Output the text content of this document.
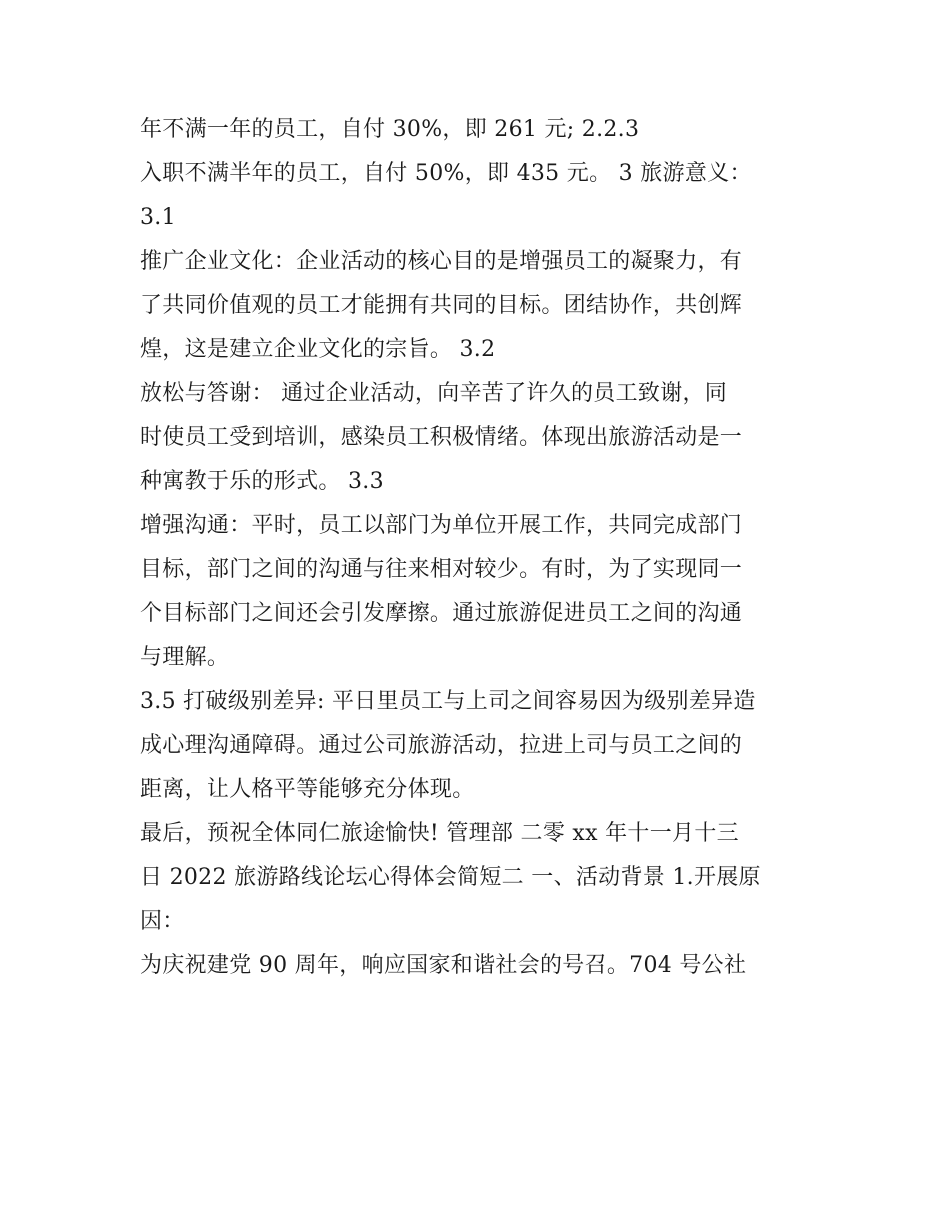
年不满一年的员工，自付 30%，即 261 元; 2.2.3
入职不满半年的员工，自付 50%，即 435 元。 3 旅游意义：
3.1
推广企业文化：企业活动的核心目的是增强员工的凝聚力，有
了共同价值观的员工才能拥有共同的目标。团结协作，共创辉
煌，这是建立企业文化的宗旨。 3.2
放松与答谢： 通过企业活动，向辛苦了许久的员工致谢，同
时使员工受到培训，感染员工积极情绪。体现出旅游活动是一
种寓教于乐的形式。 3.3
增强沟通：平时，员工以部门为单位开展工作，共同完成部门
目标，部门之间的沟通与往来相对较少。有时，为了实现同一
个目标部门之间还会引发摩擦。通过旅游促进员工之间的沟通
与理解。
3.5 打破级别差异: 平日里员工与上司之间容易因为级别差异造
成心理沟通障碍。通过公司旅游活动，拉进上司与员工之间的
距离，让人格平等能够充分体现。
最后，预祝全体同仁旅途愉快! 管理部 二零 xx 年十一月十三
日 2022 旅游路线论坛心得体会简短二 一、活动背景 1.开展原
因：
为庆祝建党 90 周年，响应国家和谐社会的号召。704 号公社
